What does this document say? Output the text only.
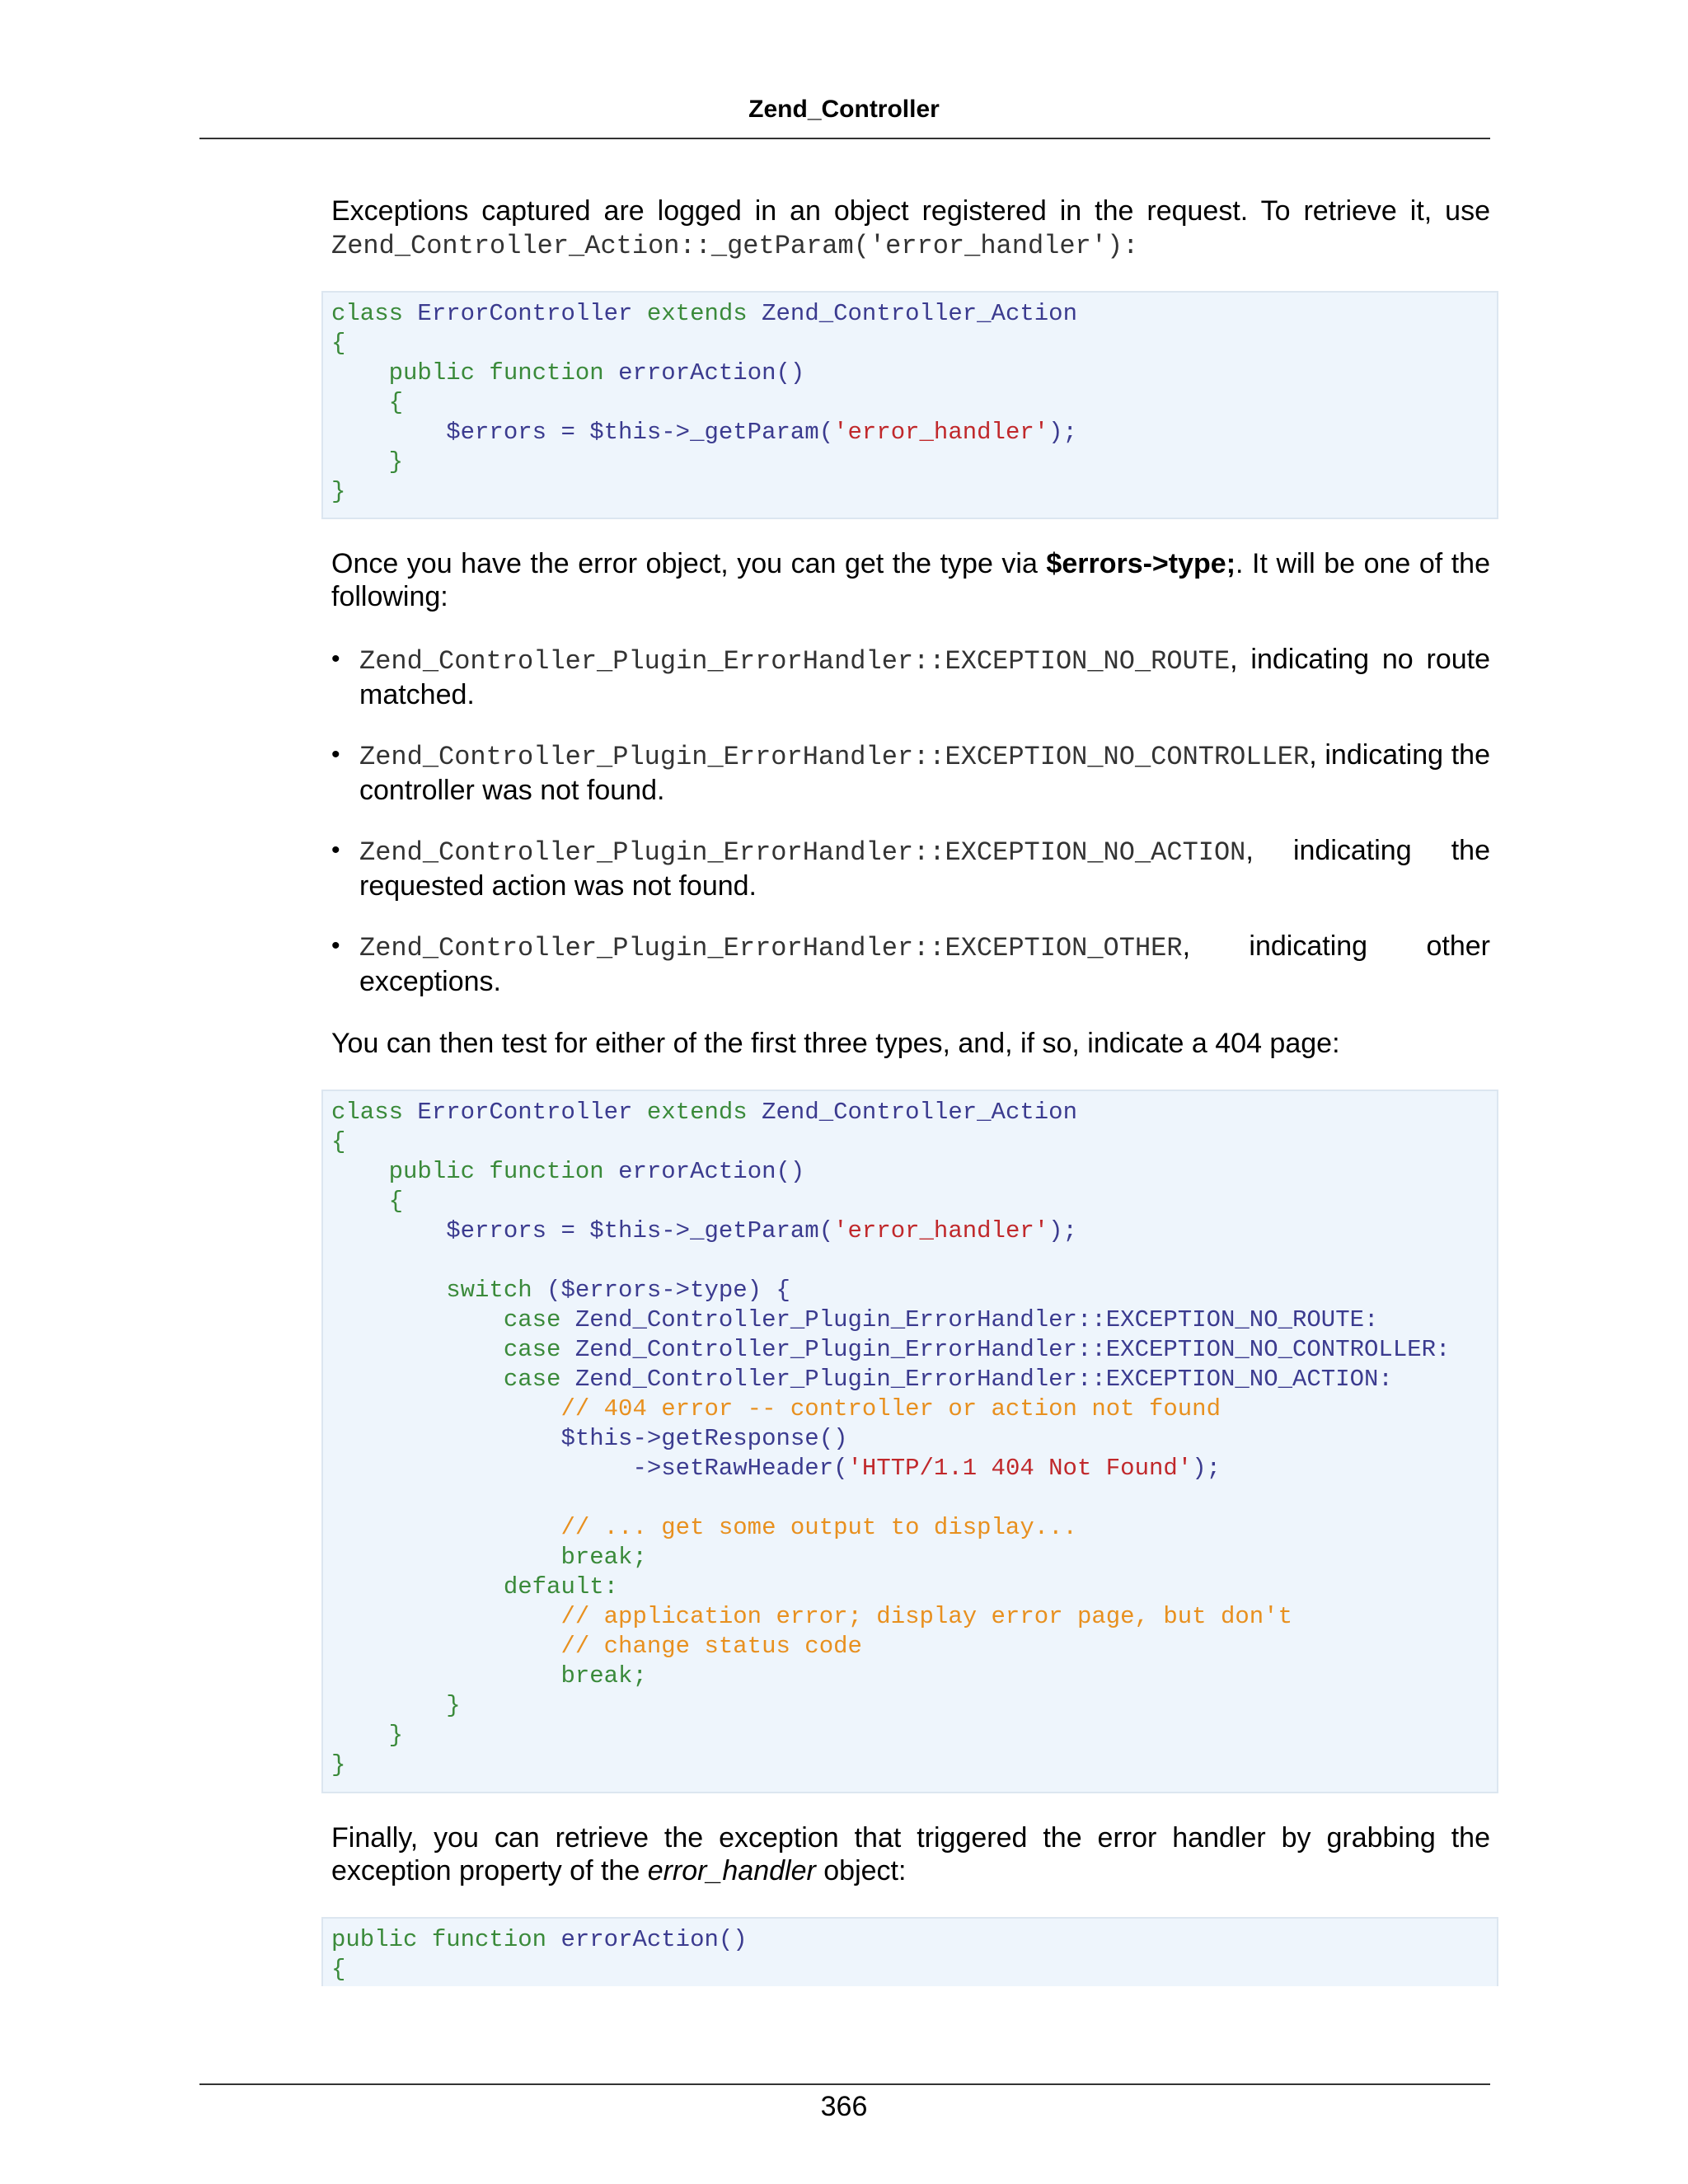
Zend_Controller
Exceptions captured are logged in an object registered in the request. To retrieve it, use Zend_Controller_Action::_getParam('error_handler'):
class ErrorController extends Zend_Controller_Action
{
public function errorAction()
{
$errors = $this->_getParam('error_handler');
}
}
Once you have the error object, you can get the type via $errors->type;. It will be one of the following:
• Zend_Controller_Plugin_ErrorHandler::EXCEPTION_NO_ROUTE, indicating no route matched.
• Zend_Controller_Plugin_ErrorHandler::EXCEPTION_NO_CONTROLLER, indicating the controller was not found.
• Zend_Controller_Plugin_ErrorHandler::EXCEPTION_NO_ACTION, indicating the requested action was not found.
• Zend_Controller_Plugin_ErrorHandler::EXCEPTION_OTHER, indicating other exceptions.
You can then test for either of the first three types, and, if so, indicate a 404 page:
class ErrorController extends Zend_Controller_Action
{
public function errorAction()
{
$errors = $this->_getParam('error_handler');
switch ($errors->type) {
case Zend_Controller_Plugin_ErrorHandler::EXCEPTION_NO_ROUTE:
case Zend_Controller_Plugin_ErrorHandler::EXCEPTION_NO_CONTROLLER:
case Zend_Controller_Plugin_ErrorHandler::EXCEPTION_NO_ACTION:
// 404 error -- controller or action not found
$this->getResponse()
->setRawHeader('HTTP/1.1 404 Not Found');
// ... get some output to display...
break;
default:
// application error; display error page, but don't
// change status code
break;
}
}
}
Finally, you can retrieve the exception that triggered the error handler by grabbing the exception property of the error_handler object:
public function errorAction()
{
366
